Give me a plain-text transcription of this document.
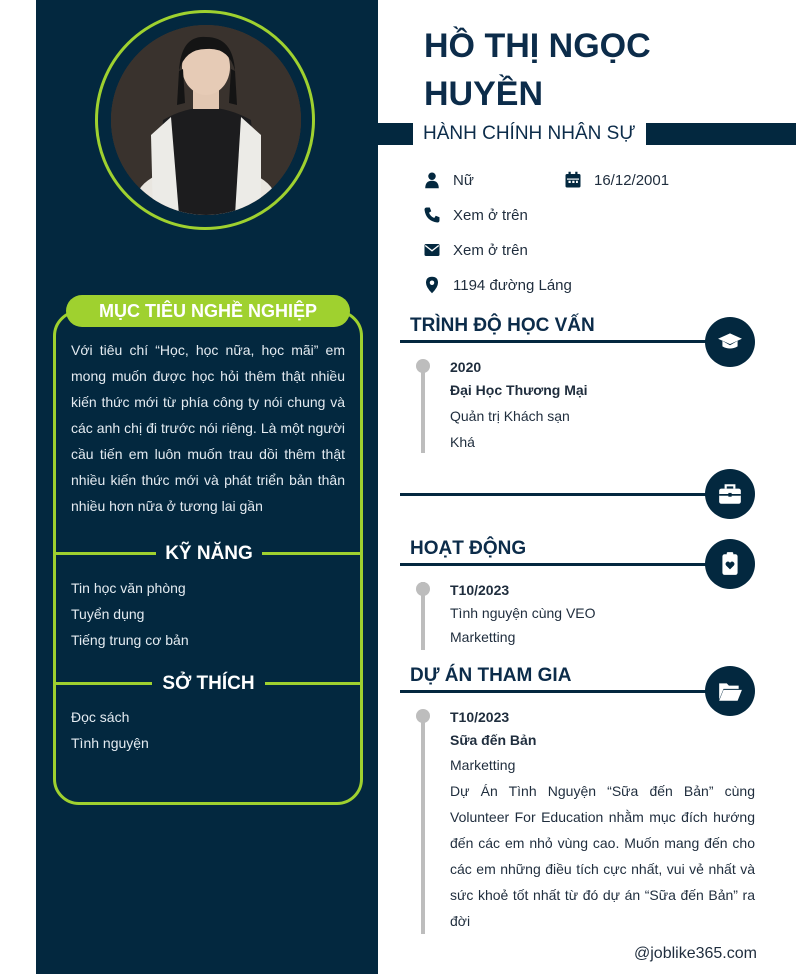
MỤC TIÊU NGHỀ NGHIỆP
Với tiêu chí “Học, học nữa, học mãi” em mong muốn được học hỏi thêm thật nhiều kiến thức mới từ phía công ty nói chung và các anh chị đi trước nói riêng. Là một người cầu tiến em luôn muốn trau dồi thêm thật nhiều kiến thức mới và phát triển bản thân nhiều hơn nữa ở tương lai gần
KỸ NĂNG
Tin học văn phòng
Tuyển dụng
Tiếng trung cơ bản
SỞ THÍCH
Đọc sách
Tình nguyện
HỒ THỊ NGỌC HUYỀN
HÀNH CHÍNH NHÂN SỰ
Nữ	16/12/2001
Xem ở trên
Xem ở trên
1194 đường Láng
TRÌNH ĐỘ HỌC VẤN
2020
Đại Học Thương Mại
Quản trị Khách sạn
Khá
HOẠT ĐỘNG
T10/2023
Tình nguyện cùng VEO
Marketting
DỰ ÁN THAM GIA
T10/2023
Sữa đến Bản
Marketting
Dự Án Tình Nguyện “Sữa đến Bản” cùng Volunteer For Education nhằm mục đích hướng đến các em nhỏ vùng cao. Muốn mang đến cho các em những điều tích cực nhất, vui vẻ nhất và sức khoẻ tốt nhất từ đó dự án “Sữa đến Bản” ra đời
@joblike365.com
